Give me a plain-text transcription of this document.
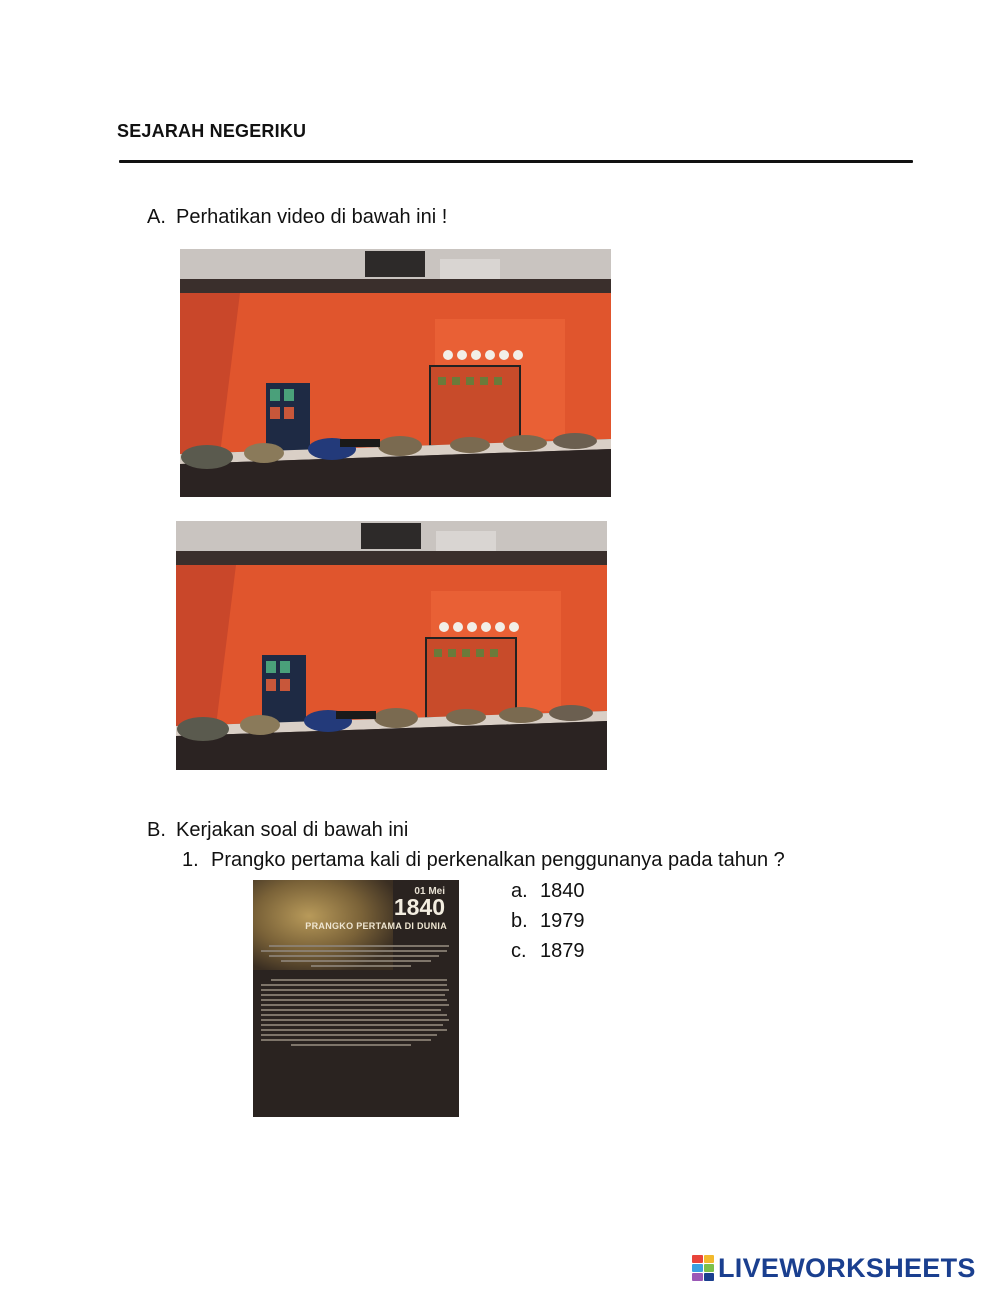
SEJARAH NEGERIKU
A. Perhatikan video di bawah ini !
B. Kerjakan soal di bawah ini
1. Prangko pertama kali di perkenalkan penggunanya pada tahun ?
01 Mei
1840
PRANGKO PERTAMA DI DUNIA
a. 1840
b. 1979
c. 1879
LIVEWORKSHEETS
